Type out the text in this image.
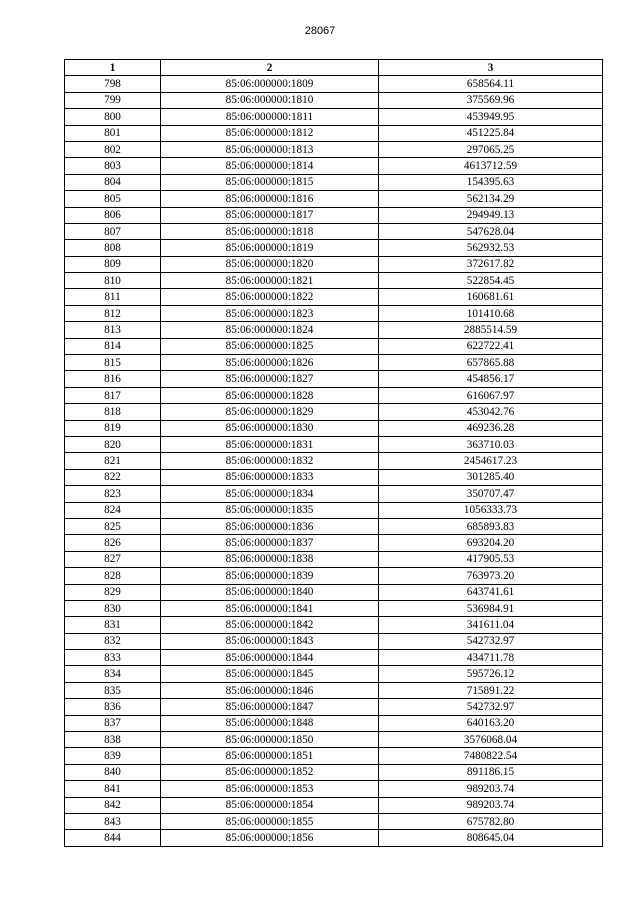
28067
1	2	3
798	85:06:000000:1809	658564.11
799	85:06:000000:1810	375569.96
800	85:06:000000:1811	453949.95
801	85:06:000000:1812	451225.84
802	85:06:000000:1813	297065.25
803	85:06:000000:1814	4613712.59
804	85:06:000000:1815	154395.63
805	85:06:000000:1816	562134.29
806	85:06:000000:1817	294949.13
807	85:06:000000:1818	547628.04
808	85:06:000000:1819	562932.53
809	85:06:000000:1820	372617.82
810	85:06:000000:1821	522854.45
811	85:06:000000:1822	160681.61
812	85:06:000000:1823	101410.68
813	85:06:000000:1824	2885514.59
814	85:06:000000:1825	622722.41
815	85:06:000000:1826	657865.88
816	85:06:000000:1827	454856.17
817	85:06:000000:1828	616067.97
818	85:06:000000:1829	453042.76
819	85:06:000000:1830	469236.28
820	85:06:000000:1831	363710.03
821	85:06:000000:1832	2454617.23
822	85:06:000000:1833	301285.40
823	85:06:000000:1834	350707.47
824	85:06:000000:1835	1056333.73
825	85:06:000000:1836	685893.83
826	85:06:000000:1837	693204.20
827	85:06:000000:1838	417905.53
828	85:06:000000:1839	763973.20
829	85:06:000000:1840	643741.61
830	85:06:000000:1841	536984.91
831	85:06:000000:1842	341611.04
832	85:06:000000:1843	542732.97
833	85:06:000000:1844	434711.78
834	85:06:000000:1845	595726.12
835	85:06:000000:1846	715891.22
836	85:06:000000:1847	542732.97
837	85:06:000000:1848	640163.20
838	85:06:000000:1850	3576068.04
839	85:06:000000:1851	7480822.54
840	85:06:000000:1852	891186.15
841	85:06:000000:1853	989203.74
842	85:06:000000:1854	989203.74
843	85:06:000000:1855	675782.80
844	85:06:000000:1856	808645.04
